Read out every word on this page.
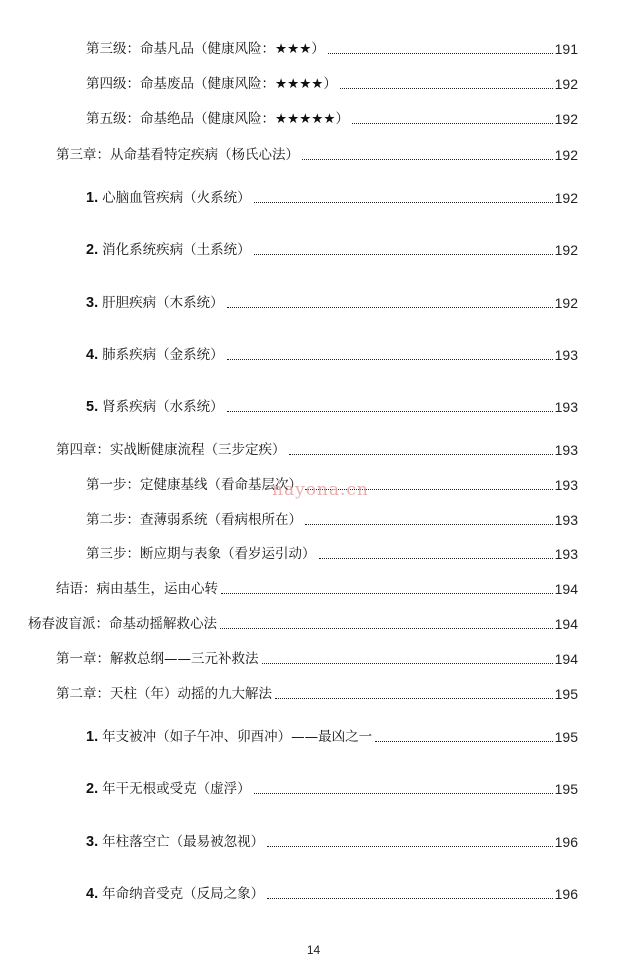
第三级：命基凡品（健康风险：★★★）	191
第四级：命基废品（健康风险：★★★★）	192
第五级：命基绝品（健康风险：★★★★★）	192
第三章：从命基看特定疾病（杨氏心法）	192
1. 心脑血管疾病（火系统）	192
2. 消化系统疾病（土系统）	192
3. 肝胆疾病（木系统）	192
4. 肺系疾病（金系统）	193
5. 肾系疾病（水系统）	193
第四章：实战断健康流程（三步定疾）	193
第一步：定健康基线（看命基层次）	193
第二步：查薄弱系统（看病根所在）	193
第三步：断应期与表象（看岁运引动）	193
结语：病由基生，运由心转	194
杨春波盲派：命基动摇解救心法	194
第一章：解救总纲——三元补救法	194
第二章：天柱（年）动摇的九大解法	195
1. 年支被冲（如子午冲、卯酉冲）——最凶之一	195
2. 年干无根或受克（虚浮）	195
3. 年柱落空亡（最易被忽视）	196
4. 年命纳音受克（反局之象）	196
nayona.cn
14
